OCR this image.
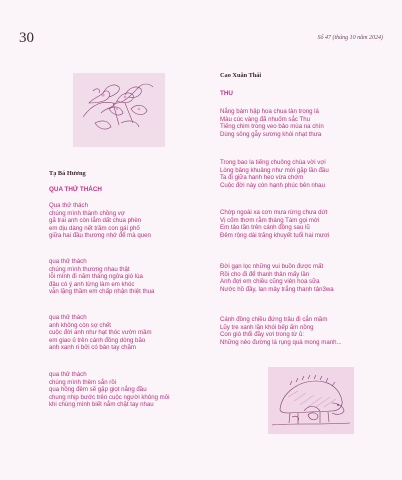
30	Số 47 (tháng 10 năm 2024)
Tạ Bá Hương
QUA THỬ THÁCH
Qua thử thách
chúng mình thành chồng vợ
gã trai anh còn lắm dất chua phèn
em dịu dàng nết trầm con gái phố
giữa hai đầu thương nhớ để mà quen
qua thử thách
chúng mình thương nhau thật
lỗi mình đi năm tháng ngửa gió lùa
đâu có ý anh từng làm em khóc
vẫn lặng thầm em chấp nhận thiệt thua
qua thử thách
anh không còn sợ chết
cuộc đời anh như hạt thóc vườn mầm
em giao ủ trên cánh đồng dòng bão
anh xanh ri bởi có bàn tay chăm
qua thử thách
chúng mình thêm sắn rồi
qua hồng đêm sẽ gặp giọt nắng đầu
chung nhịp bước trên cuộc người không mỏi
khi chúng mình biết nắm chặt tay nhau
Cao Xuân Thái
THU
Nắng bám hập hoa chua tàn trong lá
Màu cúc vàng đã nhuốm sắc Thu
Tiếng chim trong veo bảo mùa na chín
Dùng sông gẫy sương khói nhạt thưa
Trong bao la tiếng chuông chùa vời vợi
Lòng bâng khuâng như mới gặp lần đầu
Ta đi giữa hanh heo vừa chớm
Cuộc đời này còn hạnh phúc bên nhau
Chớp ngoài xa cơn mưa rừng chưa dứt
Vị cốm thơm rằm tháng Tám gọi mời
Em tảo tần trên cánh đồng sau lũ
Đêm rộng dài trăng khuyết tuổi hai mươi
Đời gạn lọc những vui buồn được mất
Rồi cho đi để thanh thản mấy lần
Anh đợi em chiều cũng viên hoa sữa
Nước hồ đầy, lan mây trắng thanh tân3wa
Cánh đồng chiều đứng trâu đi cắn mầm
Lũy tre xanh lặn khói bếp ấm nồng
Con gió thổi đầy vơi trong từ ủ:
Những nẻo đường lá rụng quá mong manh...
